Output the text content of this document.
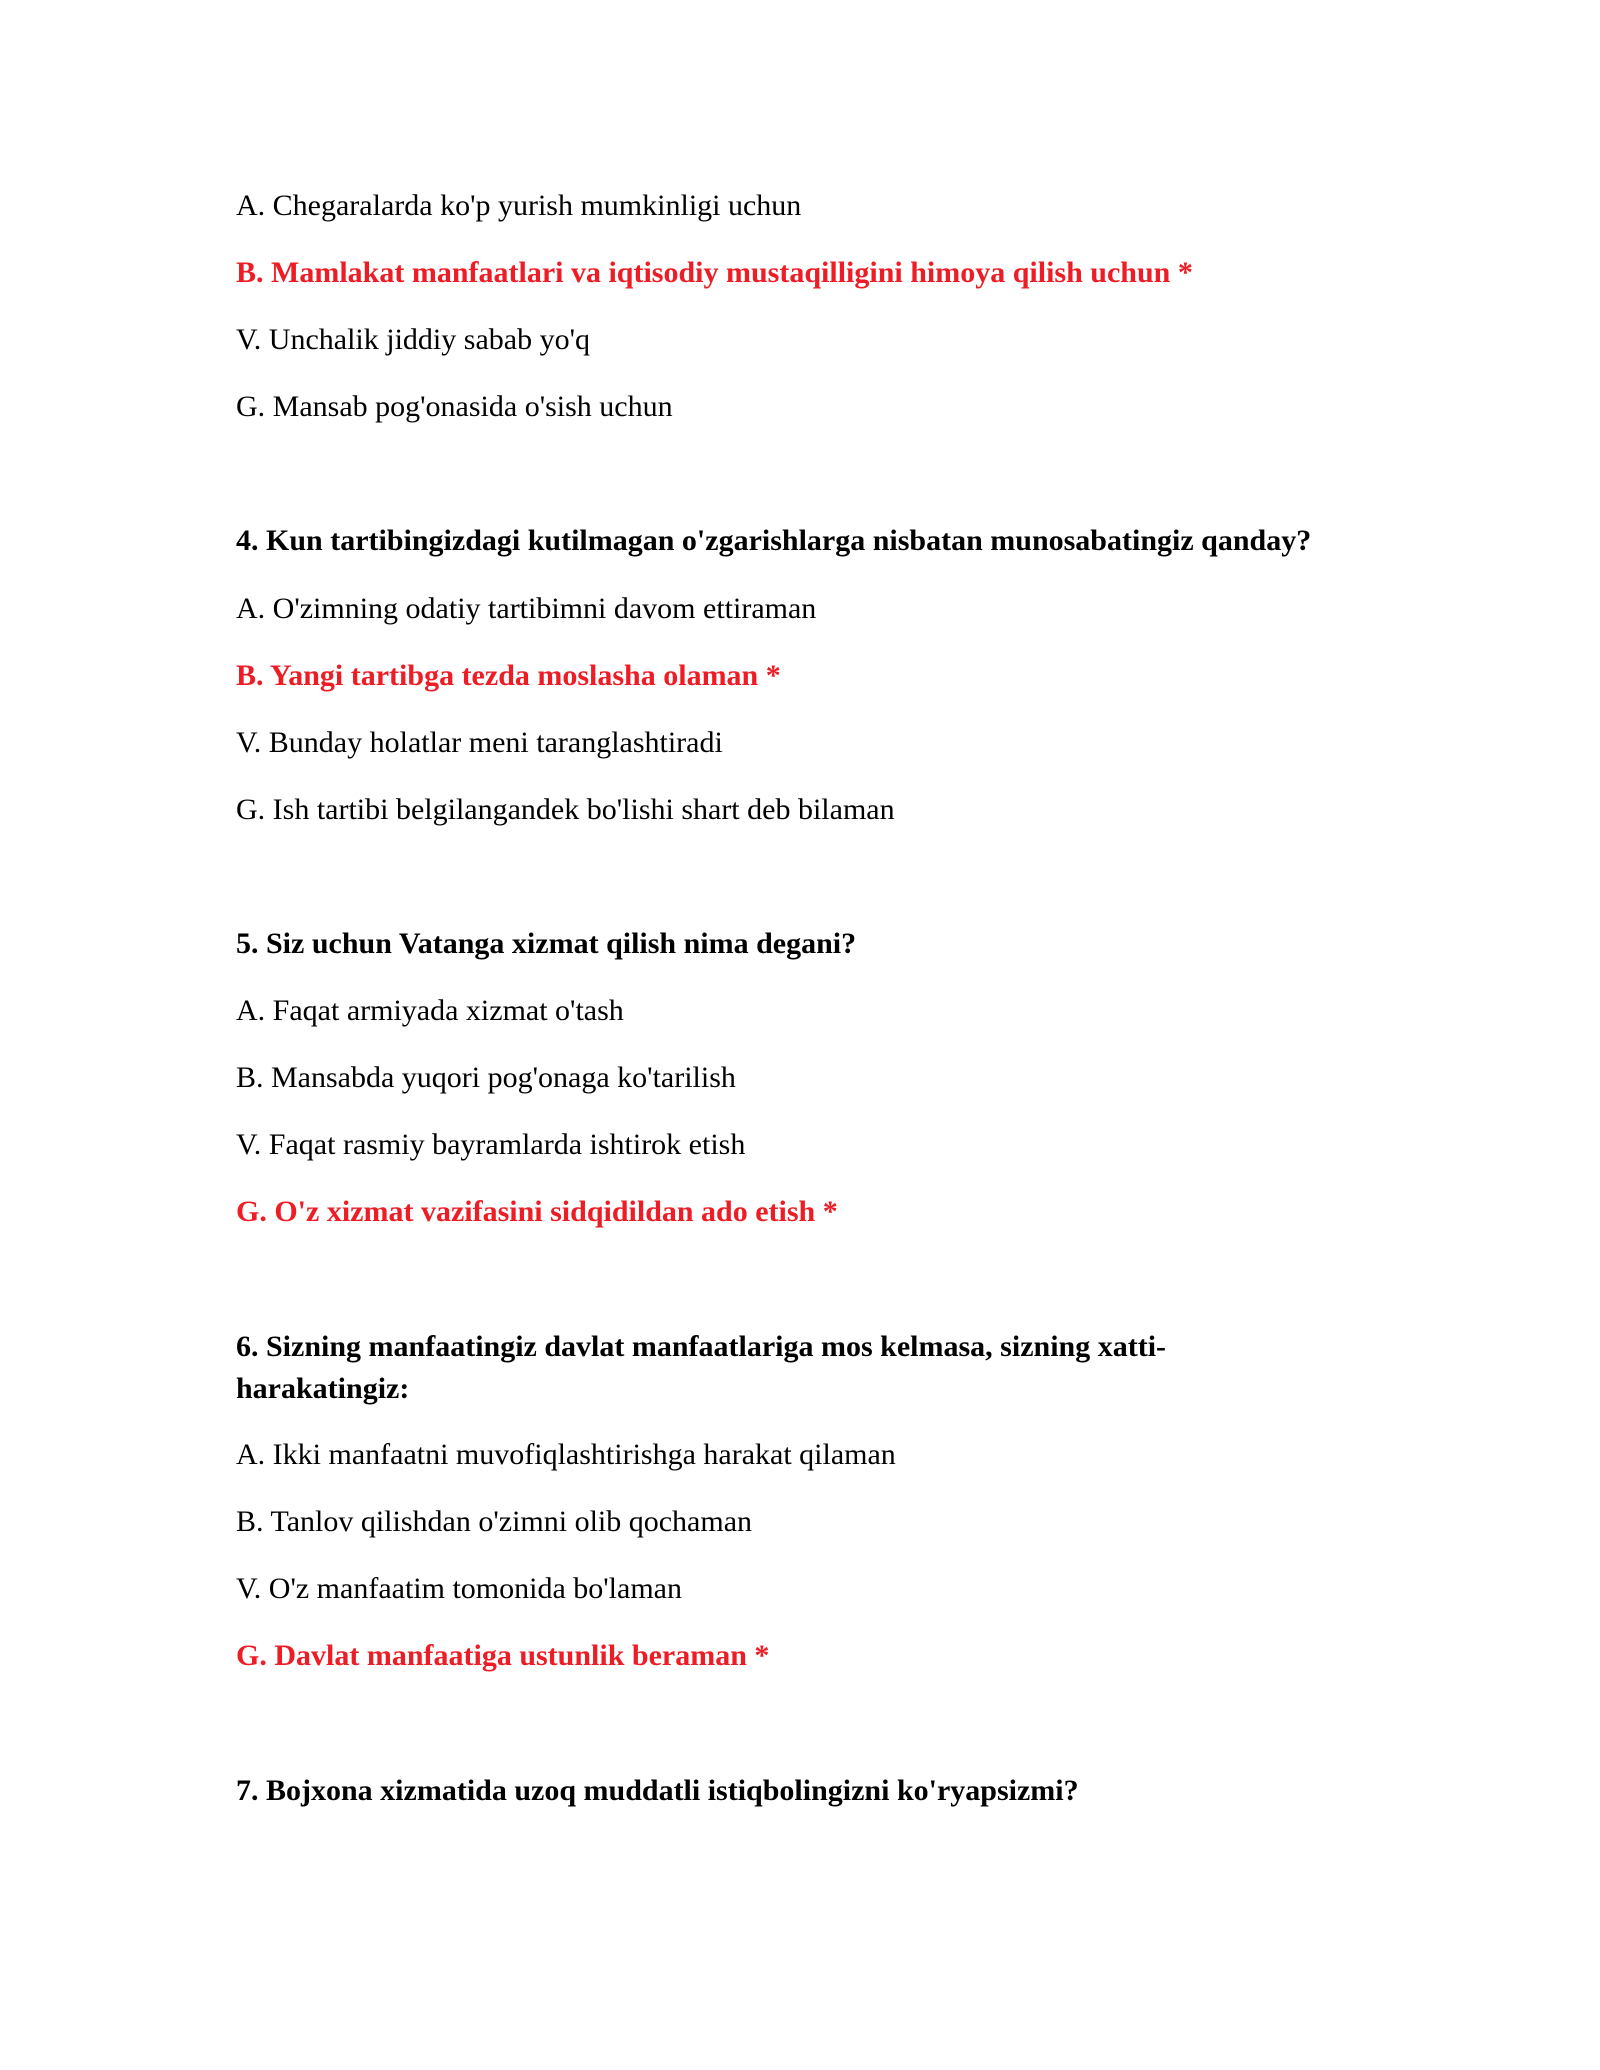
A. Chegaralarda ko'p yurish mumkinligi uchun
B. Mamlakat manfaatlari va iqtisodiy mustaqilligini himoya qilish uchun *
V. Unchalik jiddiy sabab yo'q
G. Mansab pog'onasida o'sish uchun
4. Kun tartibingizdagi kutilmagan o'zgarishlarga nisbatan munosabatingiz qanday?
A. O'zimning odatiy tartibimni davom ettiraman
B. Yangi tartibga tezda moslasha olaman *
V. Bunday holatlar meni taranglashtiradi
G. Ish tartibi belgilangandek bo'lishi shart deb bilaman
5. Siz uchun Vatanga xizmat qilish nima degani?
A. Faqat armiyada xizmat o'tash
B. Mansabda yuqori pog'onaga ko'tarilish
V. Faqat rasmiy bayramlarda ishtirok etish
G. O'z xizmat vazifasini sidqidildan ado etish *
6. Sizning manfaatingiz davlat manfaatlariga mos kelmasa, sizning xatti-harakatingiz:
A. Ikki manfaatni muvofiqlashtirishga harakat qilaman
B. Tanlov qilishdan o'zimni olib qochaman
V. O'z manfaatim tomonida bo'laman
G. Davlat manfaatiga ustunlik beraman *
7. Bojxona xizmatida uzoq muddatli istiqbolingizni ko'ryapsizmi?
